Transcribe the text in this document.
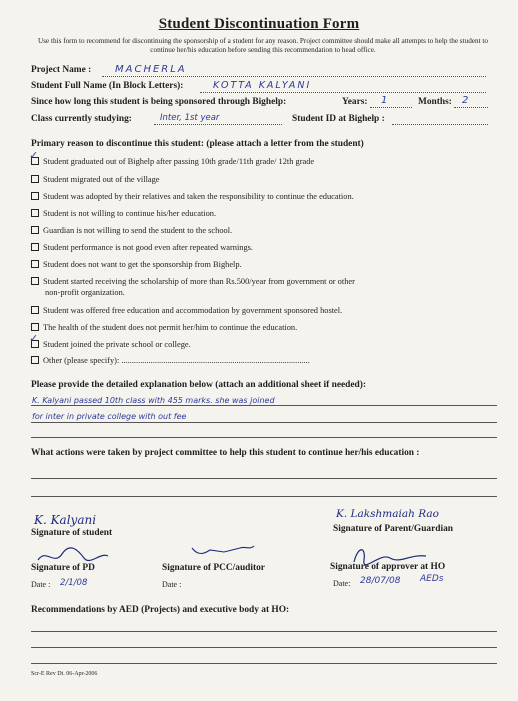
Student Discontinuation Form
Use this form to recommend for discontinuing the sponsorship of a student for any reason. Project committee should make all attempts to help the student to continue her/his education before sending this recommendation to head office.
Project Name : MACHERLA
Student Full Name (In Block Letters):	KOTTA KALYANI
Since how long this student is being sponsored through Bighelp:	Years: 1	Months: 2
Class currently studying:	Inter, 1st year	Student ID at Bighelp :
Primary reason to discontinue this student: (please attach a letter from the student)
✓ Student graduated out of Bighelp after passing 10th grade/11th grade/ 12th grade
Student migrated out of the village
Student was adopted by their relatives and taken the responsibility to continue the education.
Student is not willing to continue his/her education.
Guardian is not willing to send the student to the school.
Student performance is not good even after repeated warnings.
Student does not want to get the sponsorship from Bighelp.
Student started receiving the scholarship of more than Rs.500/year from government or other
non-profit organization.
Student was offered free education and accommodation by government sponsored hostel.
The health of the student does not permit her/him to continue the education.
✓ Student joined the private school or college.
Other (please specify): ..........................................................................................
Please provide the detailed explanation below (attach an additional sheet if needed):
K. Kalyani passed 10th class with 455 marks. she was joined
for inter in private college with out fee
What actions were taken by project committee to help this student to continue her/his education :
K. Kalyani
Signature of student
K. Lakshmaiah Rao
Signature of Parent/Guardian
Signature of PD
Date : 2/1/08
Signature of PCC/auditor
Date :
Signature of approver at HO
Date: 28/07/08 AEDs
Recommendations by AED (Projects) and executive body at HO:
Scr-E Rev Dt. 06-Apr-2006
